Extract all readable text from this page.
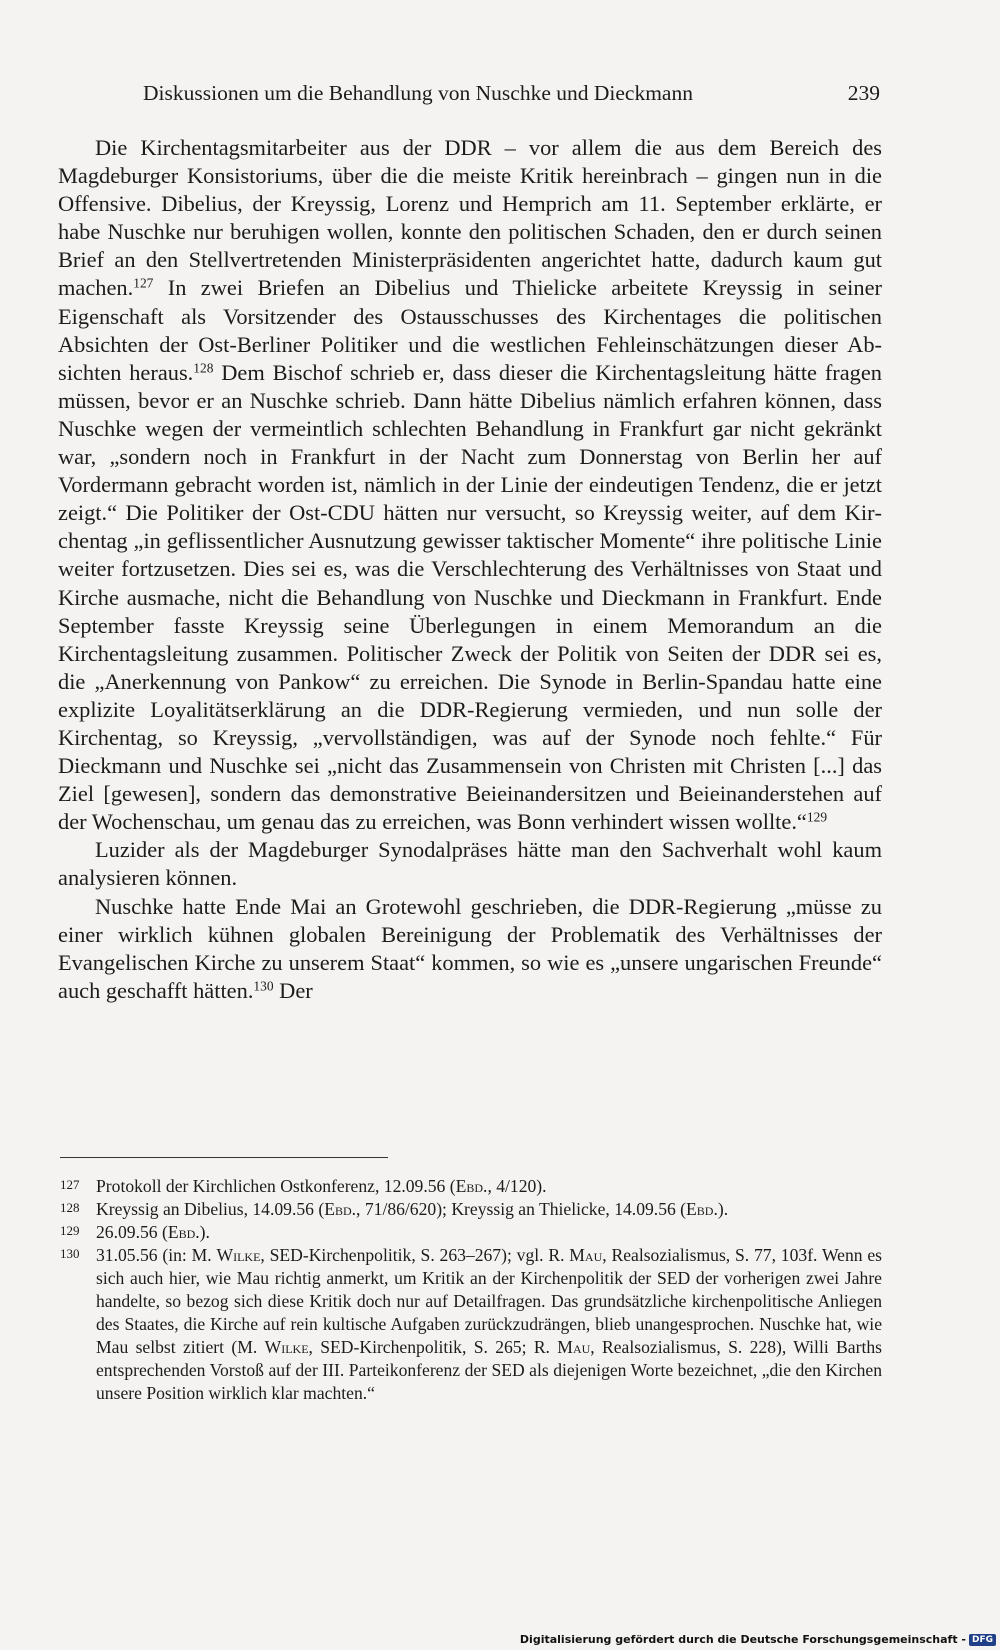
Diskussionen um die Behandlung von Nuschke und Dieckmann	239

Die Kirchentagsmitarbeiter aus der DDR – vor allem die aus dem Bereich des Magdeburger Konsistoriums, über die die meiste Kritik hereinbrach – gingen nun in die Offensive. Dibelius, der Kreyssig, Lorenz und Hemprich am 11. September erklärte, er habe Nuschke nur beruhigen wollen, konnte den politischen Schaden, den er durch seinen Brief an den Stellvertretenden Ministerpräsidenten angerichtet hatte, dadurch kaum gut machen.$^{127}$ In zwei Briefen an Dibelius und Thielicke arbeitete Kreyssig in seiner Eigenschaft als Vorsitzender des Ostausschusses des Kirchentages die politischen Absichten der Ost-Berliner Politiker und die westlichen Fehleinschätzungen dieser Absichten heraus.$^{128}$ Dem Bischof schrieb er, dass dieser die Kirchentagsleitung hätte fragen müssen, bevor er an Nuschke schrieb. Dann hätte Dibelius nämlich erfahren können, dass Nuschke wegen der vermeintlich schlechten Behandlung in Frankfurt gar nicht gekränkt war, „sondern noch in Frankfurt in der Nacht zum Donnerstag von Berlin her auf Vordermann gebracht worden ist, nämlich in der Linie der eindeutigen Tendenz, die er jetzt zeigt.“ Die Politiker der Ost-CDU hätten nur versucht, so Kreyssig weiter, auf dem Kirchentag „in geflissentlicher Ausnutzung gewisser taktischer Momente“ ihre politische Linie weiter fortzusetzen. Dies sei es, was die Verschlechterung des Verhältnisses von Staat und Kirche ausmache, nicht die Behandlung von Nuschke und Dieckmann in Frankfurt. Ende September fasste Kreyssig seine Überlegungen in einem Memorandum an die Kirchentagsleitung zusammen. Politischer Zweck der Politik von Seiten der DDR sei es, die „Anerkennung von Pankow“ zu erreichen. Die Synode in Berlin-Spandau hatte eine explizite Loyalitätserklärung an die DDR-Regierung vermieden, und nun solle der Kirchentag, so Kreyssig, „vervollständigen, was auf der Synode noch fehlte.“ Für Dieckmann und Nuschke sei „nicht das Zusammensein von Christen mit Christen [...] das Ziel [gewesen], sondern das demonstrative Beieinandersitzen und Beieinanderstehen auf der Wochenschau, um genau das zu erreichen, was Bonn verhindert wissen wollte.“$^{129}$

Luzider als der Magdeburger Synodalpräses hätte man den Sachverhalt wohl kaum analysieren können.

Nuschke hatte Ende Mai an Grotewohl geschrieben, die DDR-Regierung „müsse zu einer wirklich kühnen globalen Bereinigung der Problematik des Verhältnisses der Evangelischen Kirche zu unserem Staat“ kommen, so wie es „unsere ungarischen Freunde“ auch geschafft hätten.$^{130}$ Der

127 Protokoll der Kirchlichen Ostkonferenz, 12.09.56 (Ebd., 4/120).
128 Kreyssig an Dibelius, 14.09.56 (Ebd., 71/86/620); Kreyssig an Thielicke, 14.09.56 (Ebd.).
129 26.09.56 (Ebd.).
130 31.05.56 (in: M. Wilke, SED-Kirchenpolitik, S. 263–267); vgl. R. Mau, Realsozialismus, S. 77, 103f. Wenn es sich auch hier, wie Mau richtig anmerkt, um Kritik an der Kirchenpolitik der SED der vorherigen zwei Jahre handelte, so bezog sich diese Kritik doch nur auf Detailfragen. Das grundsätzliche kirchenpolitische Anliegen des Staates, die Kirche auf rein kultische Aufgaben zurückzudrängen, blieb unangesprochen. Nuschke hat, wie Mau selbst zitiert (M. Wilke, SED-Kirchenpolitik, S. 265; R. Mau, Realsozialismus, S. 228), Willi Barths entsprechenden Vorstoß auf der III. Parteikonferenz der SED als diejenigen Worte bezeichnet, „die den Kirchen unsere Position wirklich klar machten.“
Digitalisierung gefördert durch die Deutsche Forschungsgemeinschaft - DFG
